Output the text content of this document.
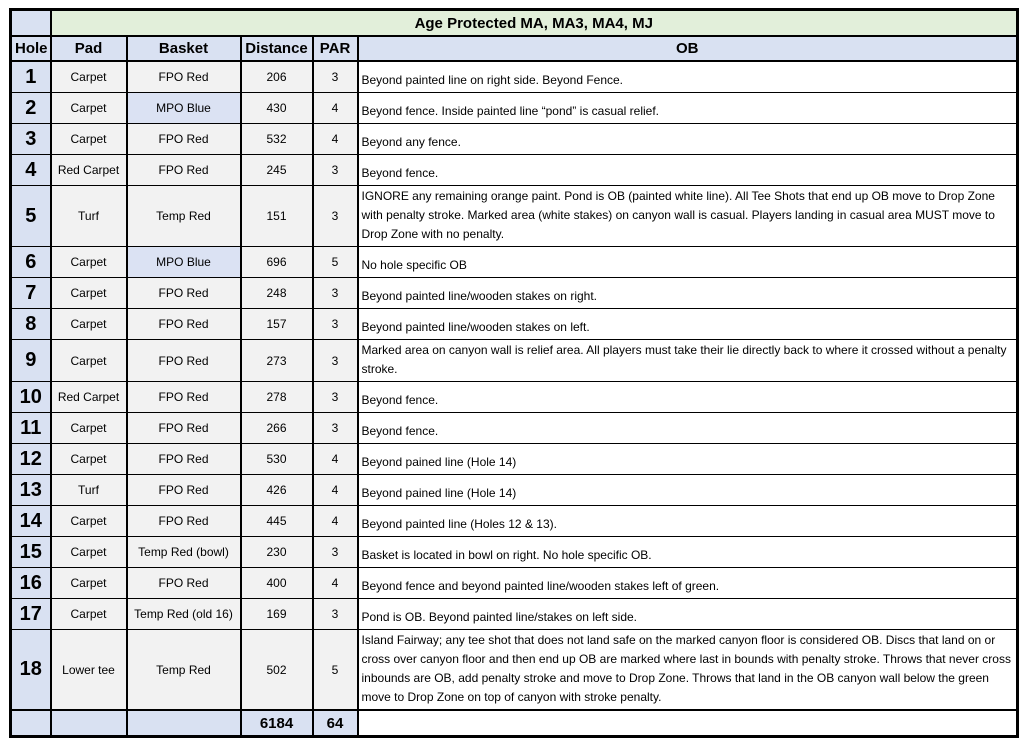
	Age Protected MA, MA3, MA4, MJ				
Hole	Pad	Basket	Distance	PAR	OB
1	Carpet	FPO Red	206	3	Beyond painted line on right side. Beyond Fence.
2	Carpet	MPO Blue	430	4	Beyond fence. Inside painted line “pond” is casual relief.
3	Carpet	FPO Red	532	4	Beyond any fence.
4	Red Carpet	FPO Red	245	3	Beyond fence.
5	Turf	Temp Red	151	3	IGNORE any remaining orange paint. Pond is OB (painted white line). All Tee Shots that end up OB move to Drop Zone with penalty stroke. Marked area (white stakes) on canyon wall is casual. Players landing in casual area MUST move to Drop Zone with no penalty.
6	Carpet	MPO Blue	696	5	No hole specific OB
7	Carpet	FPO Red	248	3	Beyond painted line/wooden stakes on right.
8	Carpet	FPO Red	157	3	Beyond painted line/wooden stakes on left.
9	Carpet	FPO Red	273	3	Marked area on canyon wall is relief area. All players must take their lie directly back to where it crossed without a penalty stroke.
10	Red Carpet	FPO Red	278	3	Beyond fence.
11	Carpet	FPO Red	266	3	Beyond fence.
12	Carpet	FPO Red	530	4	Beyond pained line (Hole 14)
13	Turf	FPO Red	426	4	Beyond pained line (Hole 14)
14	Carpet	FPO Red	445	4	Beyond painted line (Holes 12 & 13).
15	Carpet	Temp Red (bowl)	230	3	Basket is located in bowl on right. No hole specific OB.
16	Carpet	FPO Red	400	4	Beyond fence and beyond painted line/wooden stakes left of green.
17	Carpet	Temp Red (old 16)	169	3	Pond is OB. Beyond painted line/stakes on left side.
18	Lower tee	Temp Red	502	5	Island Fairway; any tee shot that does not land safe on the marked canyon floor is considered OB. Discs that land on or cross over canyon floor and then end up OB are marked where last in bounds with penalty stroke. Throws that never cross inbounds are OB, add penalty stroke and move to Drop Zone. Throws that land in the OB canyon wall below the green move to Drop Zone on top of canyon with stroke penalty.
			6184	64	
